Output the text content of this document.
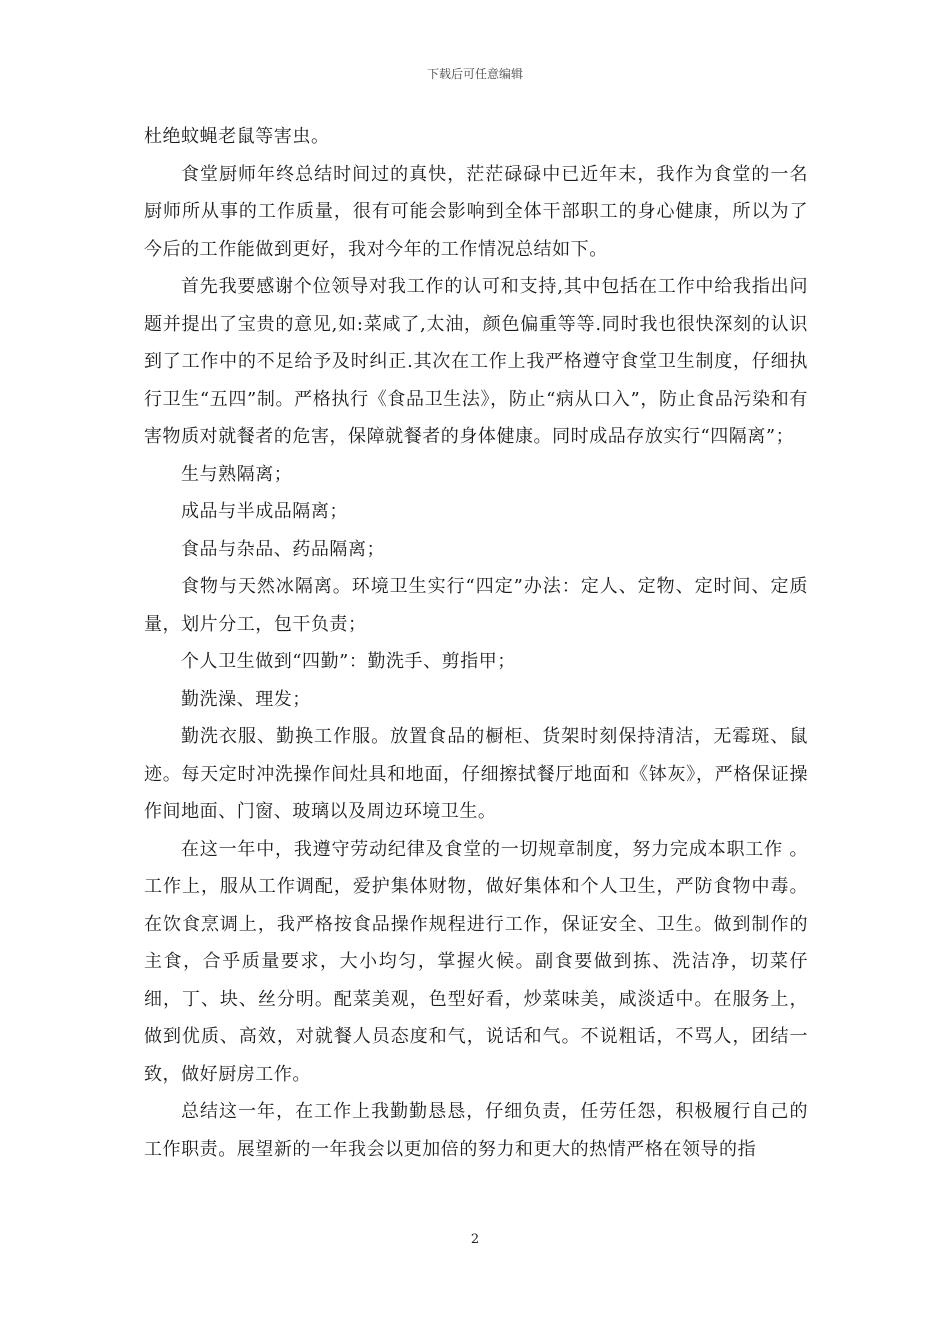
下载后可任意编辑

杜绝蚊蝇老鼠等害虫。

食堂厨师年终总结时间过的真快，茫茫碌碌中已近年末，我作为食堂的一名厨师所从事的工作质量，很有可能会影响到全体干部职工的身心健康，所以为了今后的工作能做到更好，我对今年的工作情况总结如下。

首先我要感谢个位领导对我工作的认可和支持,其中包括在工作中给我指出问题并提出了宝贵的意见,如:菜咸了,太油，颜色偏重等等.同时我也很快深刻的认识到了工作中的不足给予及时纠正.其次在工作上我严格遵守食堂卫生制度，仔细执行卫生“五四”制。严格执行《食品卫生法》，防止“病从口入”，防止食品污染和有害物质对就餐者的危害，保障就餐者的身体健康。同时成品存放实行“四隔离”；

生与熟隔离；

成品与半成品隔离；

食品与杂品、药品隔离；

食物与天然冰隔离。环境卫生实行“四定”办法：定人、定物、定时间、定质量，划片分工，包干负责；

个人卫生做到“四勤”：勤洗手、剪指甲；

勤洗澡、理发；

勤洗衣服、勤换工作服。放置食品的橱柜、货架时刻保持清洁，无霉斑、鼠迹。每天定时冲洗操作间灶具和地面，仔细擦拭餐厅地面和《钵灰》，严格保证操作间地面、门窗、玻璃以及周边环境卫生。

在这一年中，我遵守劳动纪律及食堂的一切规章制度，努力完成本职工作 。工作上，服从工作调配，爱护集体财物，做好集体和个人卫生，严防食物中毒。在饮食烹调上，我严格按食品操作规程进行工作，保证安全、卫生。做到制作的主食，合乎质量要求，大小均匀，掌握火候。副食要做到拣、洗洁净，切菜仔细，丁、块、丝分明。配菜美观，色型好看，炒菜味美，咸淡适中。在服务上，做到优质、高效，对就餐人员态度和气，说话和气。不说粗话，不骂人，团结一致，做好厨房工作。

总结这一年，在工作上我勤勤恳恳，仔细负责，任劳任怨，积极履行自己的工作职责。展望新的一年我会以更加倍的努力和更大的热情严格在领导的指

2
